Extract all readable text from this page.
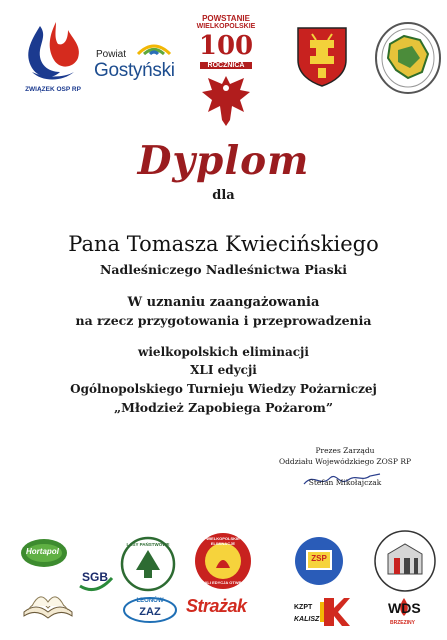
ZWIĄZEK OSP RP
Powiat
Gostyński
POWSTANIE
WIELKOPOLSKIE
100
ROCZNICA
Dyplom
dla
Pana Tomasza Kwiecińskiego
Nadleśniczego Nadleśnictwa Piaski
W uznaniu zaangażowania
na rzecz przygotowania i przeprowadzenia
wielkopolskich eliminacji
XLI edycji
Ogólnopolskiego Turnieju Wiedzy Pożarniczej
„Młodzież Zapobiega Pożarom”
Prezes Zarządu
Oddziału Wojewódzkiego ZOSP RP
Stefan Mikołajczak
Hortapol
SGB
LASY PAŃSTWOWE
LEONÓW
ZAZ
WIELKOPOLSKIE ELIMINACJE
XLI EDYCJA OTWP
Strażak
ZSP
KZPT
KALISZ
WDS
BRZEZINY
